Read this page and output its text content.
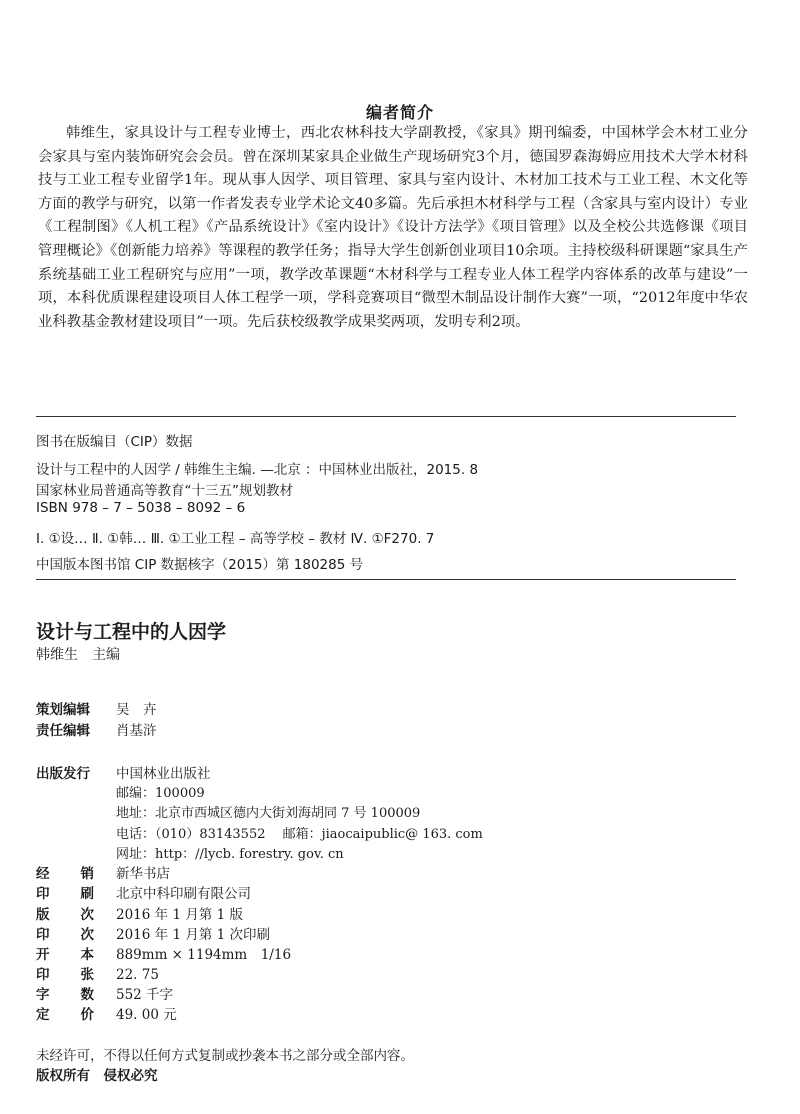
编者简介
韩维生，家具设计与工程专业博士，西北农林科技大学副教授，《家具》期刊编委，中国林学会木材工业分会家具与室内装饰研究会会员。曾在深圳某家具企业做生产现场研究3个月，德国罗森海姆应用技术大学木材科技与工业工程专业留学1年。现从事人因学、项目管理、家具与室内设计、木材加工技术与工业工程、木文化等方面的教学与研究，以第一作者发表专业学术论文40多篇。先后承担木材科学与工程（含家具与室内设计）专业《工程制图》《人机工程》《产品系统设计》《室内设计》《设计方法学》《项目管理》以及全校公共选修课《项目管理概论》《创新能力培养》等课程的教学任务；指导大学生创新创业项目10余项。主持校级科研课题“家具生产系统基础工业工程研究与应用”一项，教学改革课题“木材科学与工程专业人体工程学内容体系的改革与建设”一项，本科优质课程建设项目人体工程学一项，学科竞赛项目“微型木制品设计制作大赛”一项，“2012年度中华农业科教基金教材建设项目”一项。先后获校级教学成果奖两项，发明专利2项。
图书在版编目（CIP）数据
设计与工程中的人因学 / 韩维生主编. —北京 ：中国林业出版社，2015. 8
国家林业局普通高等教育“十三五”规划教材
ISBN 978 – 7 – 5038 – 8092 – 6
Ⅰ. ①设… Ⅱ. ①韩… Ⅲ. ①工业工程 – 高等学校 – 教材 Ⅳ. ①F270. 7
中国版本图书馆 CIP 数据核字（2015）第 180285 号
设计与工程中的人因学
韩维生　主编
策划编辑 吴　卉
责任编辑 肖基浒
出版发行 中国林业出版社
邮编：100009
地址：北京市西城区德内大街刘海胡同 7 号 100009
电话：（010）83143552　 邮箱：jiaocaipublic@ 163. com
网址：http：//lycb. forestry. gov. cn
经 销 新华书店
印 刷 北京中科印刷有限公司
版 次 2016 年 1 月第 1 版
印 次 2016 年 1 月第 1 次印刷
开 本 889mm × 1194mm　1/16
印 张 22. 75
字 数 552 千字
定 价 49. 00 元
未经许可，不得以任何方式复制或抄袭本书之部分或全部内容。
版权所有　侵权必究
